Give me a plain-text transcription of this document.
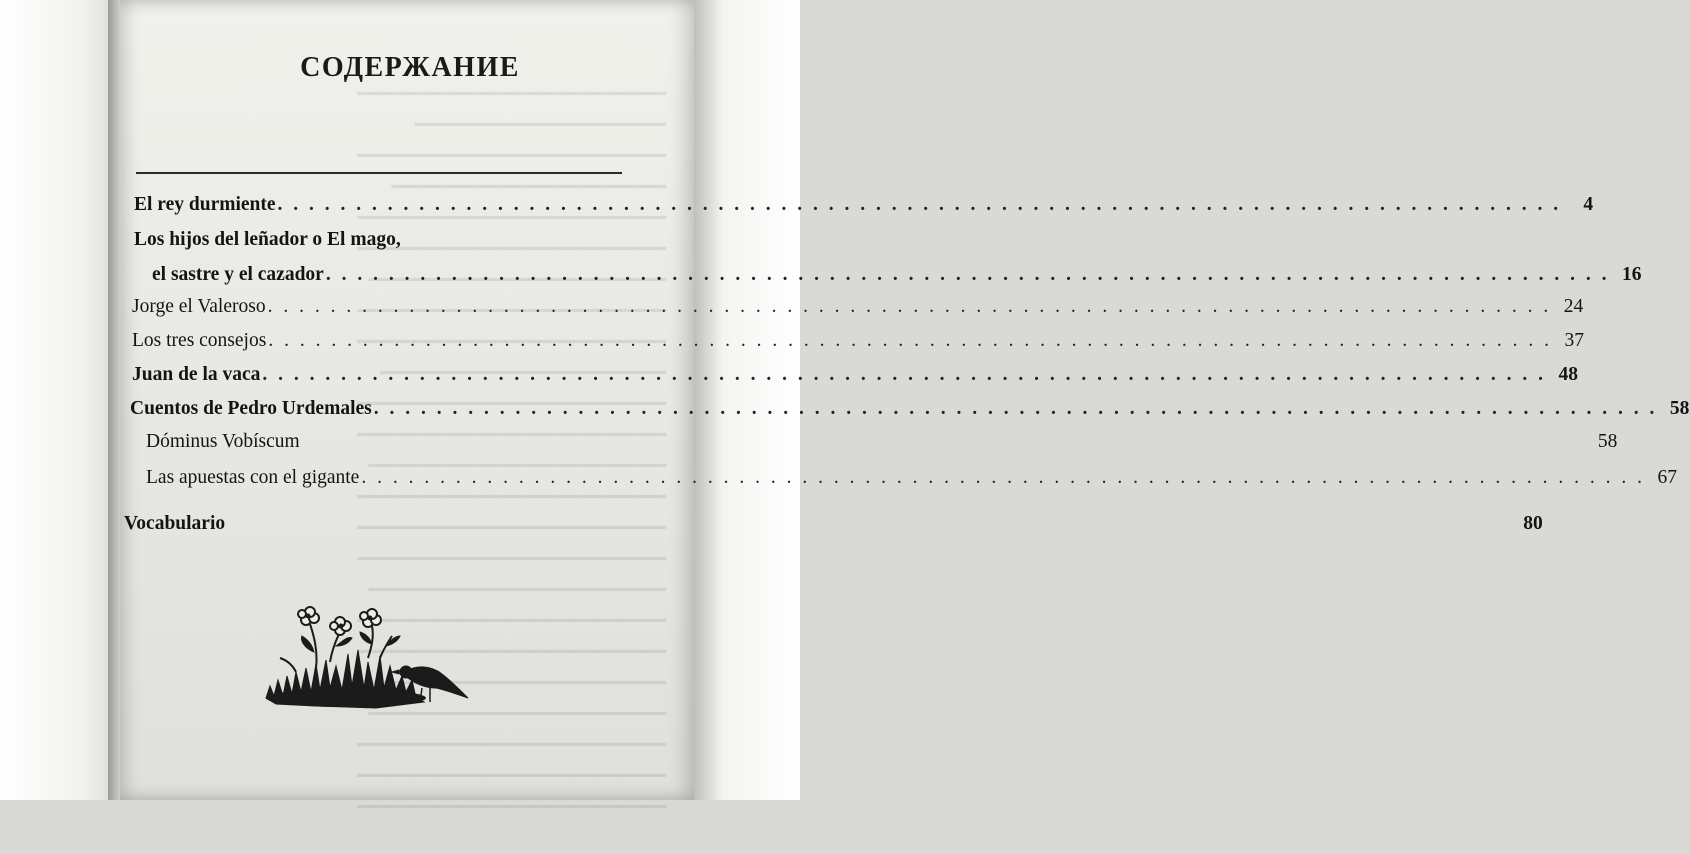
━━━━━━━━━━━━━━━━━━━━━━━━━━━
━━━━━━━━━━━━━━━━━━━━━━
━━━━━━━━━━━━━━━━━━━━━━━━━━━
━━━━━━━━━━━━━━━━━━━━━━━━
━━━━━━━━━━━━━━━━━━━━━━━━━━━
━━━━━━━━━━━━━━━━━━━━━━━━━━━
━━━━━━━━━━━━━━━━━━━━━━━━━━
━━━━━━━━━━━━━━━━━━━━━━━━━━━
━━━━━━━━━━━━━━━━━━━━━━━━━━━
━━━━━━━━━━━━━━━━━━━━━━━━━
━━━━━━━━━━━━━━━━━━━━━━━━━━━
━━━━━━━━━━━━━━━━━━━━━━━━━━━
━━━━━━━━━━━━━━━━━━━━━━━━━━
━━━━━━━━━━━━━━━━━━━━━━━━━━━
━━━━━━━━━━━━━━━━━━━━━━━━━━━
━━━━━━━━━━━━━━━━━━━━━━━━━━━
━━━━━━━━━━━━━━━━━━━━━━━━━━
━━━━━━━━━━━━━━━━━━━━━━━━━━━
━━━━━━━━━━━━━━━━━━━━━━━━━━━
━━━━━━━━━━━━━━━━━━━━━━━━━━━
━━━━━━━━━━━━━━━━━━━━━━━━━━
━━━━━━━━━━━━━━━━━━━━━━━━━━━
━━━━━━━━━━━━━━━━━━━━━━━━━━━
━━━━━━━━━━━━━━━━━━━━━━━━━━━

СОДЕРЖАНИЕ
El rey durmiente . . .	4
Los hijos del leñador o El mago,
el sastre y el cazador . . .	16
Jorge el Valeroso . . .	24
Los tres consejos . . .	37
Juan de la vaca . . .	48
Cuentos de Pedro Urdemales . . .	58
Dóminus Vobíscum	58
Las apuestas con el gigante . . .	67
Vocabulario	80
